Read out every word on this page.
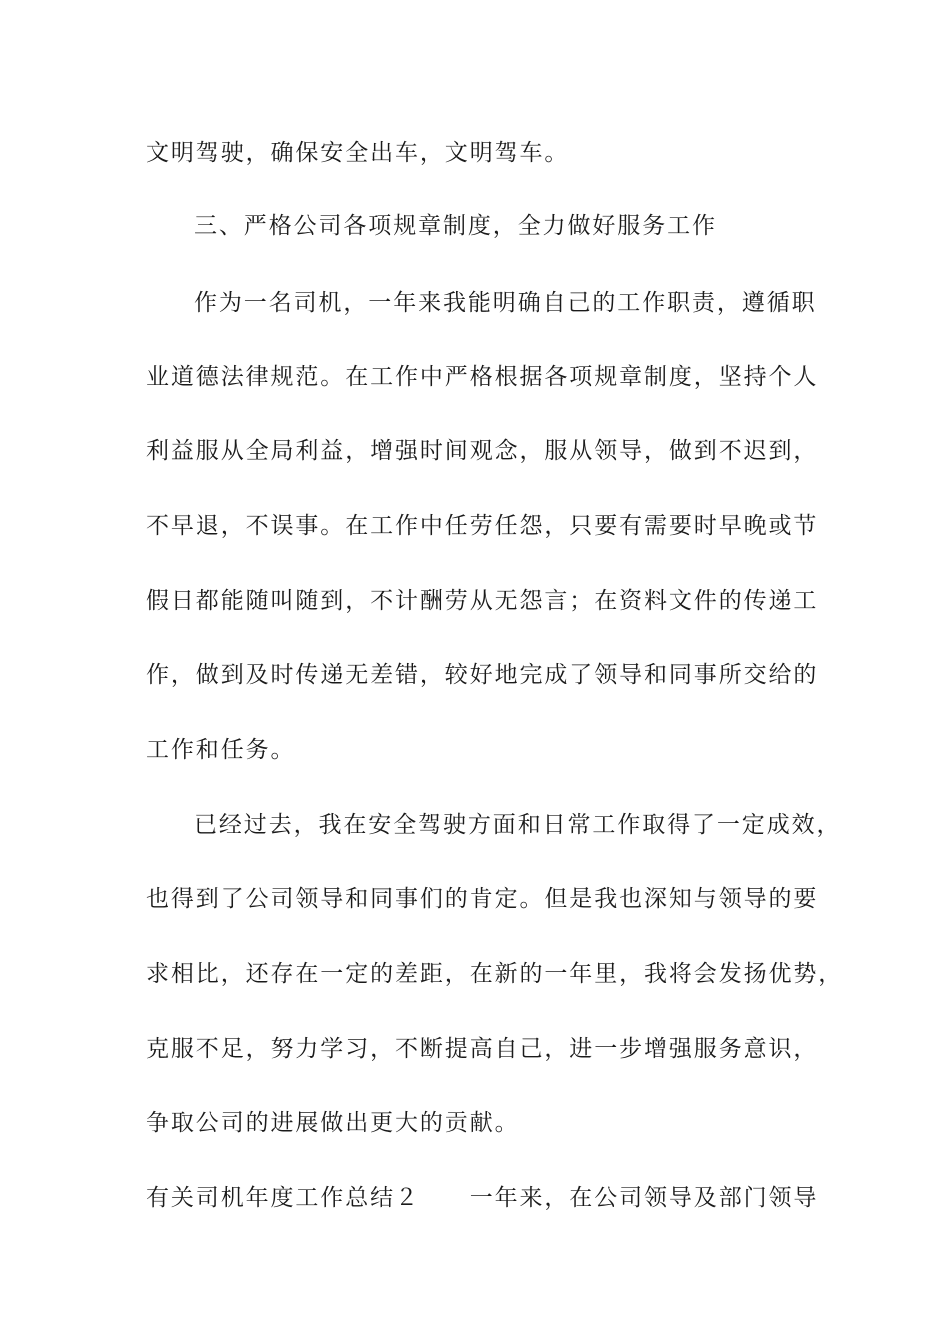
文明驾驶，确保安全出车，文明驾车。
三、严格公司各项规章制度，全力做好服务工作
作为一名司机，一年来我能明确自己的工作职责，遵循职
业道德法律规范。在工作中严格根据各项规章制度，坚持个人
利益服从全局利益，增强时间观念，服从领导，做到不迟到，
不早退，不误事。在工作中任劳任怨，只要有需要时早晚或节
假日都能随叫随到，不计酬劳从无怨言；在资料文件的传递工
作，做到及时传递无差错，较好地完成了领导和同事所交给的
工作和任务。
已经过去，我在安全驾驶方面和日常工作取得了一定成效，
也得到了公司领导和同事们的肯定。但是我也深知与领导的要
求相比，还存在一定的差距，在新的一年里，我将会发扬优势，
克服不足，努力学习，不断提高自己，进一步增强服务意识，
争取公司的进展做出更大的贡献。
有关司机年度工作总结２　　一年来，在公司领导及部门领导
